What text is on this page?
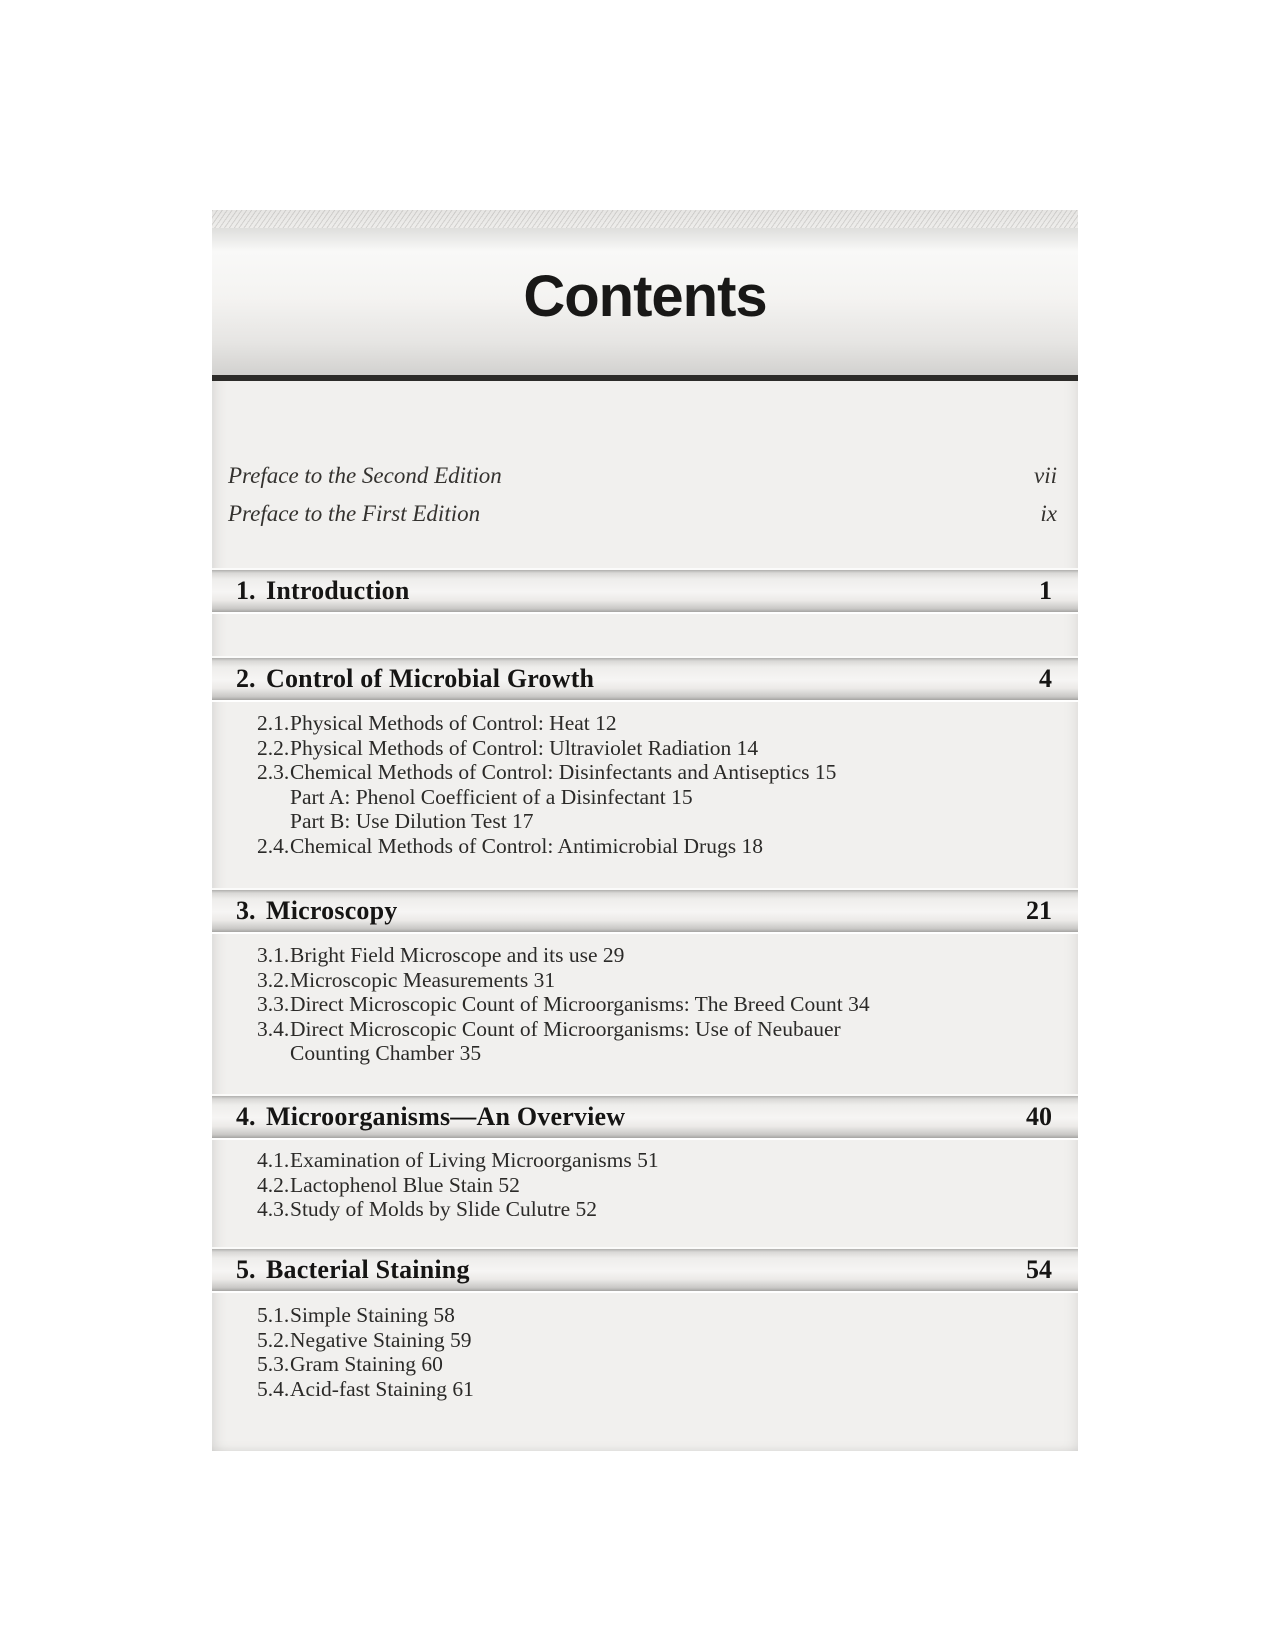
Contents
Preface to the Second Edition	vii
Preface to the First Edition	ix
1. Introduction	1
2. Control of Microbial Growth	4
2.1. Physical Methods of Control: Heat 12
2.2. Physical Methods of Control: Ultraviolet Radiation 14
2.3. Chemical Methods of Control: Disinfectants and Antiseptics 15
Part A: Phenol Coefficient of a Disinfectant 15
Part B: Use Dilution Test 17
2.4. Chemical Methods of Control: Antimicrobial Drugs 18
3. Microscopy	21
3.1. Bright Field Microscope and its use 29
3.2. Microscopic Measurements 31
3.3. Direct Microscopic Count of Microorganisms: The Breed Count 34
3.4. Direct Microscopic Count of Microorganisms: Use of Neubauer
Counting Chamber 35
4. Microorganisms—An Overview	40
4.1. Examination of Living Microorganisms 51
4.2. Lactophenol Blue Stain 52
4.3. Study of Molds by Slide Culutre 52
5. Bacterial Staining	54
5.1. Simple Staining 58
5.2. Negative Staining 59
5.3. Gram Staining 60
5.4. Acid-fast Staining 61
